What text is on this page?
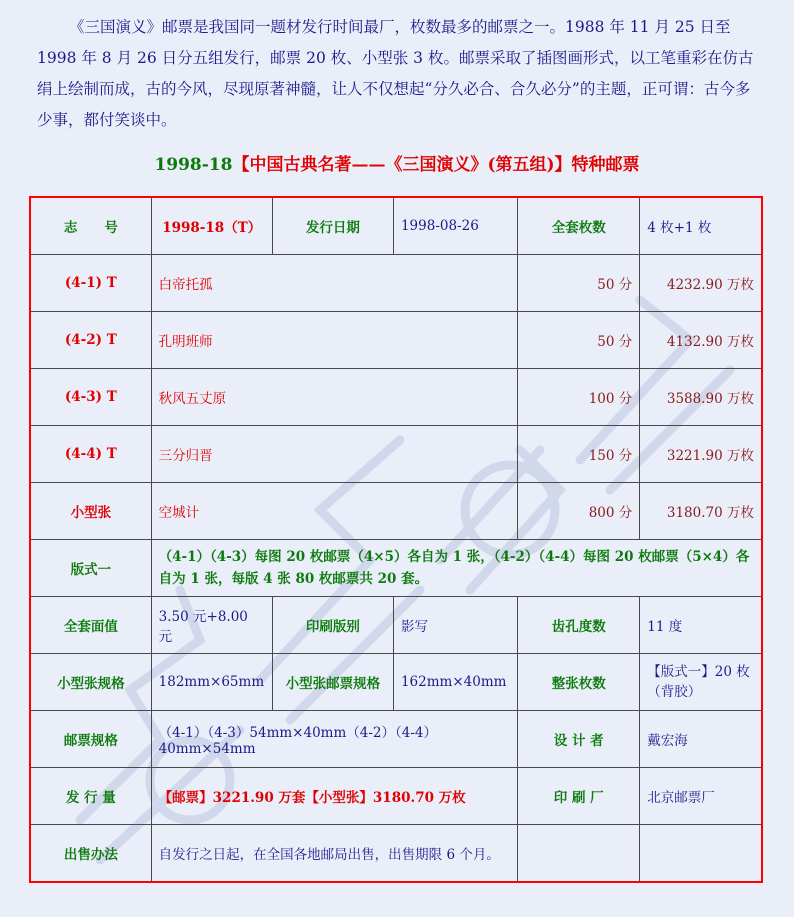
《三国演义》邮票是我国同一题材发行时间最厂，枚数最多的邮票之一。1988 年 11 月 25 日至 1998 年 8 月 26 日分五组发行，邮票 20 枚、小型张 3 枚。邮票采取了插图画形式，以工笔重彩在仿古绢上绘制而成，古的今风，尽现原著神髓，让人不仅想起“分久必合、合久必分”的主题，正可谓：古今多少事，都付笑谈中。
1998-18【中国古典名著——《三国演义》(第五组)】特种邮票
志　　号	1998-18（T）	发行日期	1998-08-26	全套枚数	4 枚+1 枚
(4-1) T	白帝托孤			50 分	4232.90 万枚
(4-2) T	孔明班师			50 分	4132.90 万枚
(4-3) T	秋风五丈原			100 分	3588.90 万枚
(4-4) T	三分归晋			150 分	3221.90 万枚
小型张	空城计			800 分	3180.70 万枚
版式一	（4-1）（4-3）每图 20 枚邮票（4×5）各自为 1 张，（4-2）（4-4）每图 20 枚邮票（5×4）各自为 1 张，每版 4 张 80 枚邮票共 20 套。				
全套面值	3.50 元+8.00 元	印刷版别	影写	齿孔度数	11 度
小型张规格	182mm×65mm	小型张邮票规格	162mm×40mm	整张枚数	【版式一】20 枚（背胶）
邮票规格	（4-1）（4-3）54mm×40mm（4-2）（4-4）40mm×54mm			设 计 者	戴宏海
发 行 量	【邮票】3221.90 万套【小型张】3180.70 万枚			印 刷 厂	北京邮票厂
出售办法	自发行之日起，在全国各地邮局出售，出售期限 6 个月。				
